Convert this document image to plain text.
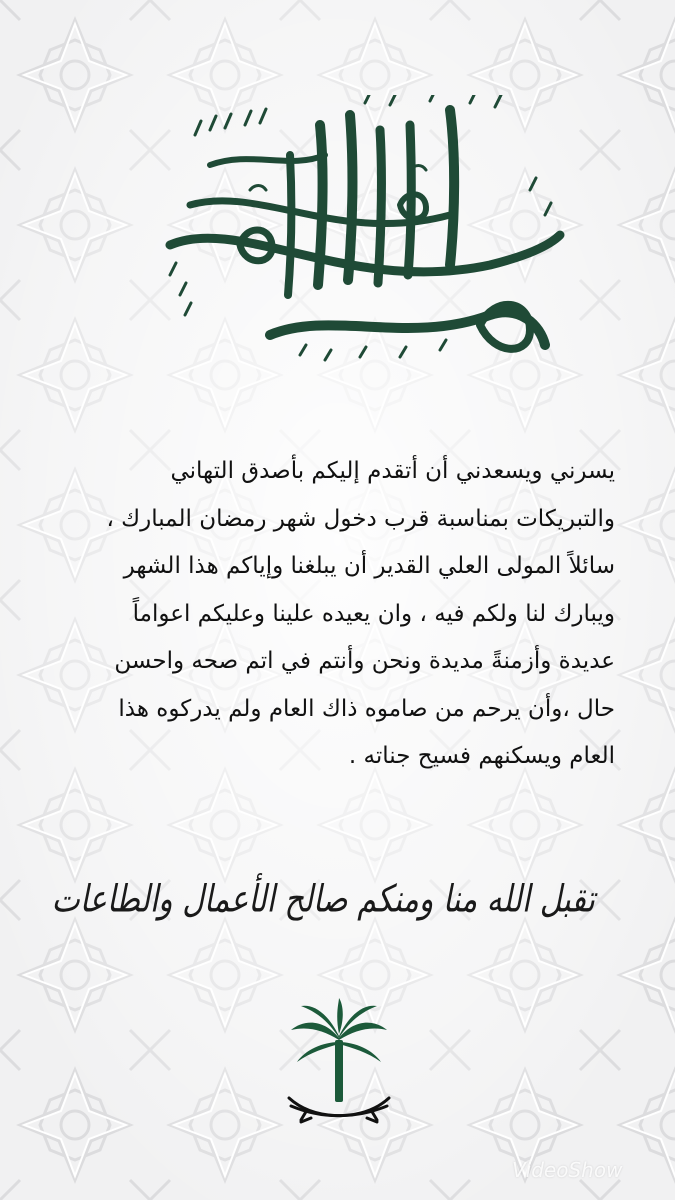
مبارك عليكم الشهر
يسرني ويسعدني أن أتقدم إليكم بأصدق التهاني
والتبريكات بمناسبة قرب دخول شهر رمضان المبارك ،
سائلاً المولى العلي القدير أن يبلغنا وإياكم هذا الشهر
ويبارك لنا ولكم فيه ، وان يعيده علينا وعليكم اعواماً
عديدة وأزمنةً مديدة ونحن وأنتم في اتم صحه واحسن
حال ،وأن يرحم من صاموه ذاك العام ولم يدركوه هذا
العام ويسكنهم فسيح جناته .
تقبل الله منا ومنكم صالح الأعمال والطاعات
VideoShow
